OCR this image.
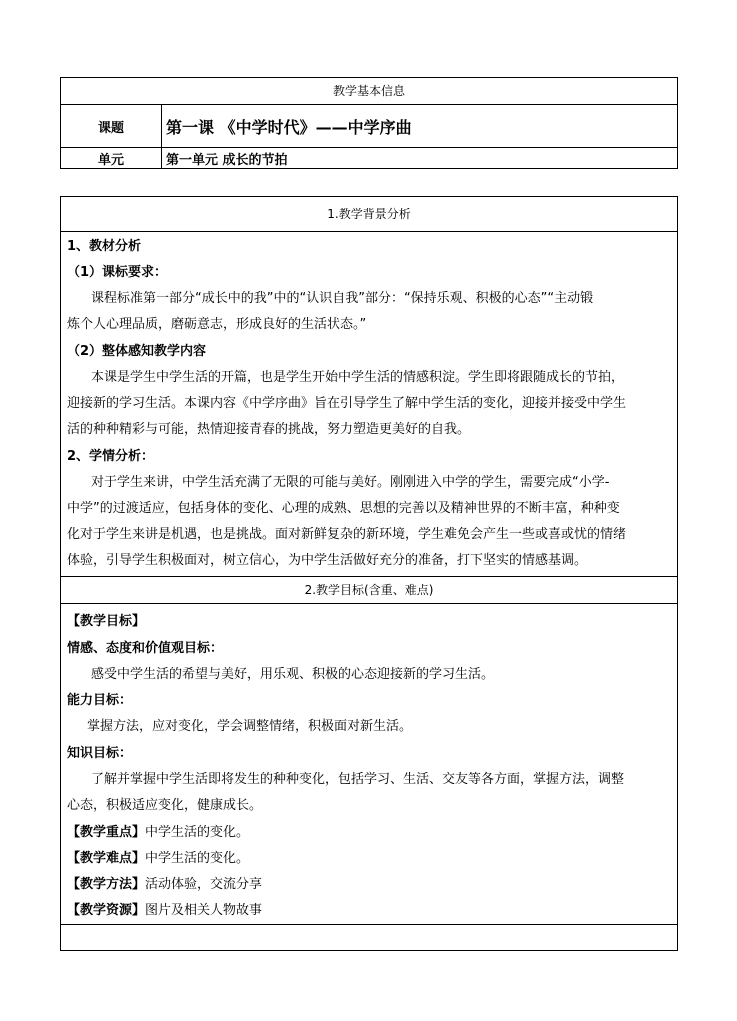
教学基本信息
课题	第一课 《中学时代》——中学序曲
单元	第一单元 成长的节拍
1.教学背景分析
1、教材分析
（1）课标要求：
课程标准第一部分“成长中的我”中的“认识自我”部分：“保持乐观、积极的心态”“主动锻
炼个人心理品质，磨砺意志，形成良好的生活状态。”
（2）整体感知教学内容
本课是学生中学生活的开篇，也是学生开始中学生活的情感积淀。学生即将跟随成长的节拍，
迎接新的学习生活。本课内容《中学序曲》旨在引导学生了解中学生活的变化，迎接并接受中学生
活的种种精彩与可能，热情迎接青春的挑战，努力塑造更美好的自我。
2、学情分析：
对于学生来讲，中学生活充满了无限的可能与美好。刚刚进入中学的学生，需要完成“小学-
中学”的过渡适应，包括身体的变化、心理的成熟、思想的完善以及精神世界的不断丰富，种种变
化对于学生来讲是机遇，也是挑战。面对新鲜复杂的新环境，学生难免会产生一些或喜或忧的情绪
体验，引导学生积极面对，树立信心，为中学生活做好充分的准备，打下坚实的情感基调。
2.教学目标(含重、难点)
【教学目标】
情感、态度和价值观目标：
感受中学生活的希望与美好，用乐观、积极的心态迎接新的学习生活。
能力目标：
掌握方法，应对变化，学会调整情绪，积极面对新生活。
知识目标：
了解并掌握中学生活即将发生的种种变化，包括学习、生活、交友等各方面，掌握方法，调整
心态，积极适应变化，健康成长。
【教学重点】中学生活的变化。
【教学难点】中学生活的变化。
【教学方法】活动体验，交流分享
【教学资源】图片及相关人物故事
